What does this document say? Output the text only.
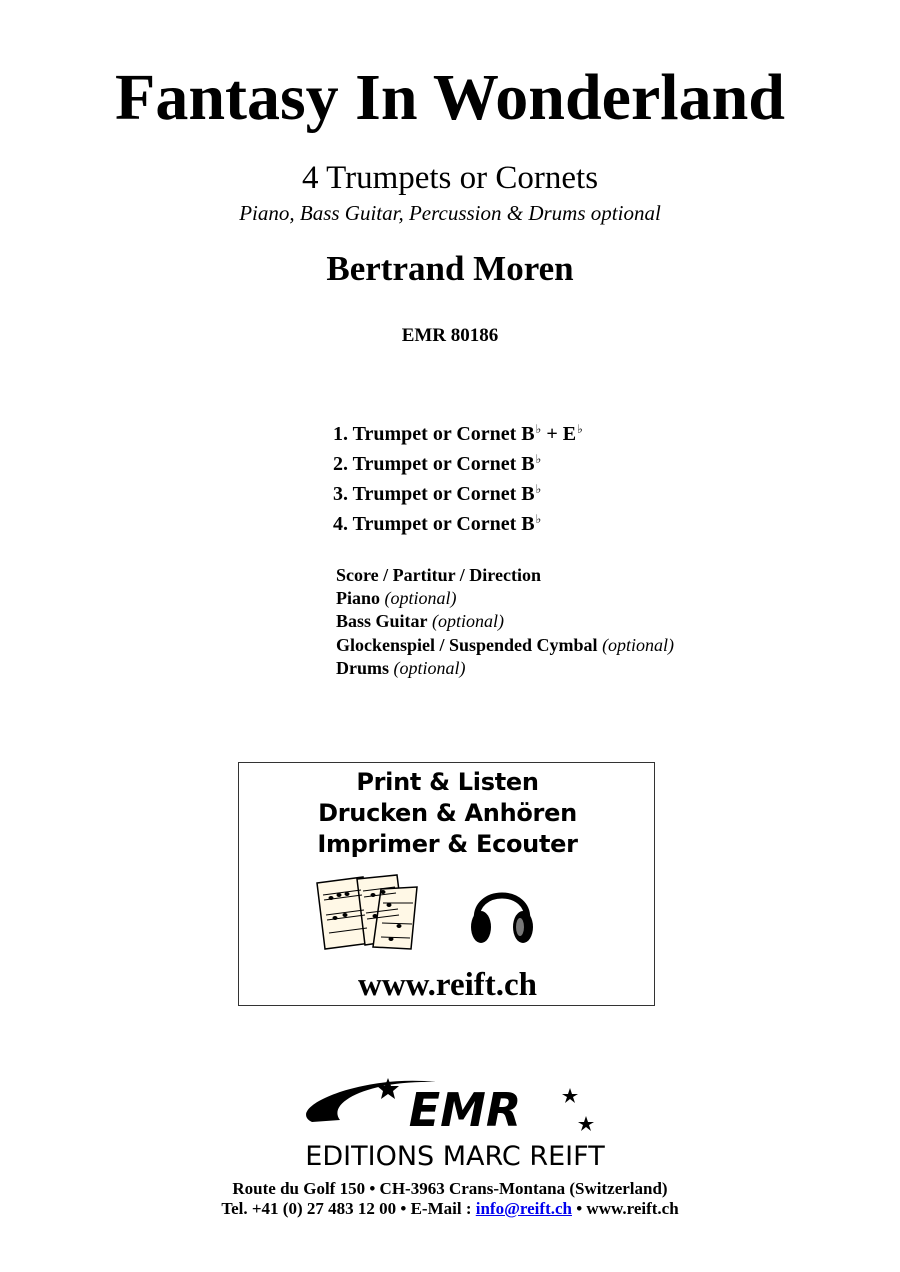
Fantasy In Wonderland
4 Trumpets or Cornets
Piano, Bass Guitar, Percussion & Drums optional
Bertrand Moren
EMR 80186
1. Trumpet or Cornet B♭ + E♭
2. Trumpet or Cornet B♭
3. Trumpet or Cornet B♭
4. Trumpet or Cornet B♭
Score / Partitur / Direction
Piano (optional)
Bass Guitar (optional)
Glockenspiel / Suspended Cymbal (optional)
Drums (optional)
Print & Listen
Drucken & Anhören
Imprimer & Ecouter
www.reift.ch
EMR
EDITIONS MARC REIFT
Route du Golf 150 • CH-3963 Crans-Montana (Switzerland)
Tel. +41 (0) 27 483 12 00 • E-Mail : info@reift.ch • www.reift.ch
